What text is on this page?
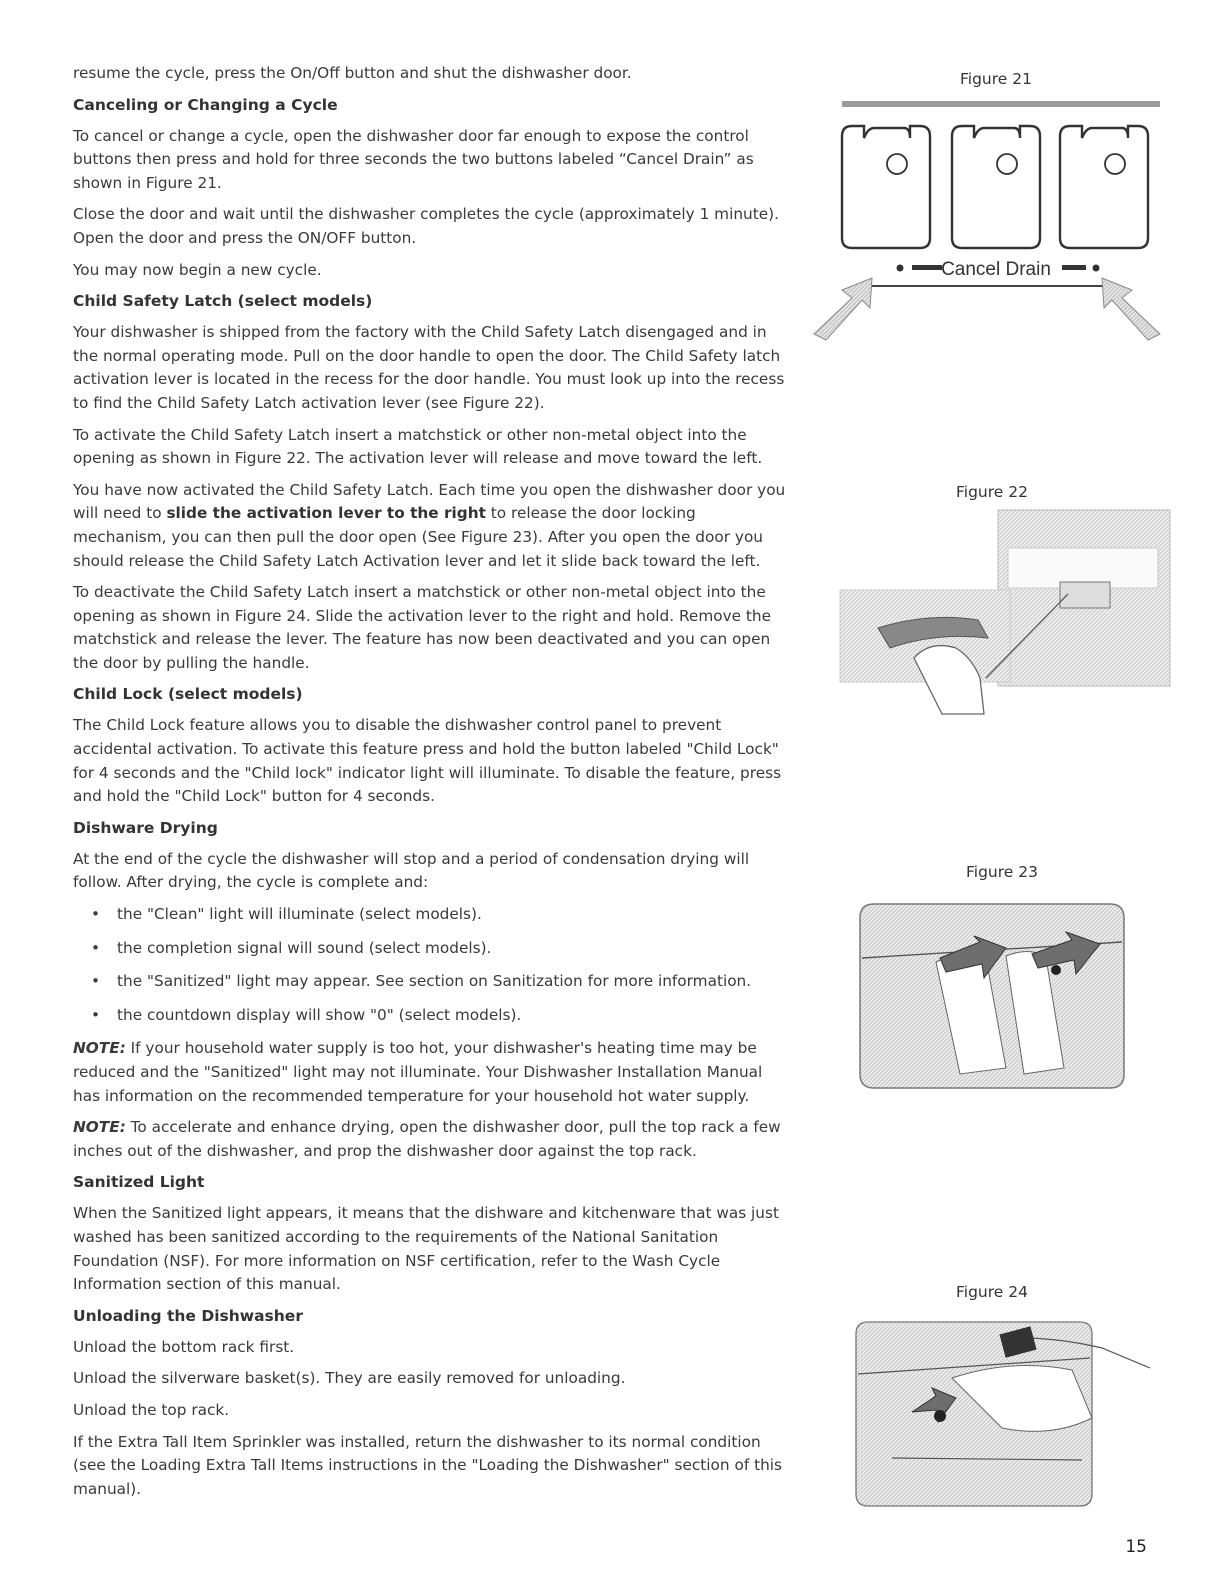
resume the cycle, press the On/Off button and shut the dishwasher door.

Canceling or Changing a Cycle

To cancel or change a cycle, open the dishwasher door far enough to expose the control buttons then press and hold for three seconds the two buttons labeled “Cancel Drain” as shown in Figure 21.

Close the door and wait until the dishwasher completes the cycle (approximately 1 minute). Open the door and press the ON/OFF button.

You may now begin a new cycle.

Child Safety Latch (select models)

Your dishwasher is shipped from the factory with the Child Safety Latch disengaged and in the normal operating mode. Pull on the door handle to open the door. The Child Safety latch activation lever is located in the recess for the door handle. You must look up into the recess to find the Child Safety Latch activation lever (see Figure 22).

To activate the Child Safety Latch insert a matchstick or other non-metal object into the opening as shown in Figure 22. The activation lever will release and move toward the left.

You have now activated the Child Safety Latch. Each time you open the dishwasher door you will need to slide the activation lever to the right to release the door locking mechanism, you can then pull the door open (See Figure 23). After you open the door you should release the Child Safety Latch Activation lever and let it slide back toward the left.

To deactivate the Child Safety Latch insert a matchstick or other non-metal object into the opening as shown in Figure 24. Slide the activation lever to the right and hold. Remove the matchstick and release the lever. The feature has now been deactivated and you can open the door by pulling the handle.

Child Lock (select models)

The Child Lock feature allows you to disable the dishwasher control panel to prevent accidental activation. To activate this feature press and hold the button labeled "Child Lock" for 4 seconds and the "Child lock" indicator light will illuminate. To disable the feature, press and hold the "Child Lock" button for 4 seconds.

Dishware Drying

At the end of the cycle the dishwasher will stop and a period of condensation drying will follow. After drying, the cycle is complete and:

• the "Clean" light will illuminate (select models).
• the completion signal will sound (select models).
• the "Sanitized" light may appear. See section on Sanitization for more information.
• the countdown display will show "0" (select models).

NOTE: If your household water supply is too hot, your dishwasher's heating time may be reduced and the "Sanitized" light may not illuminate. Your Dishwasher Installation Manual has information on the recommended temperature for your household hot water supply.

NOTE: To accelerate and enhance drying, open the dishwasher door, pull the top rack a few inches out of the dishwasher, and prop the dishwasher door against the top rack.

Sanitized Light

When the Sanitized light appears, it means that the dishware and kitchenware that was just washed has been sanitized according to the requirements of the National Sanitation Foundation (NSF). For more information on NSF certification, refer to the Wash Cycle Information section of this manual.

Unloading the Dishwasher

Unload the bottom rack first.

Unload the silverware basket(s). They are easily removed for unloading.

Unload the top rack.

If the Extra Tall Item Sprinkler was installed, return the dishwasher to its normal condition (see the Loading Extra Tall Items instructions in the "Loading the Dishwasher" section of this manual).

Figure 21
Cancel Drain
Figure 22
Figure 23
Figure 24
15
